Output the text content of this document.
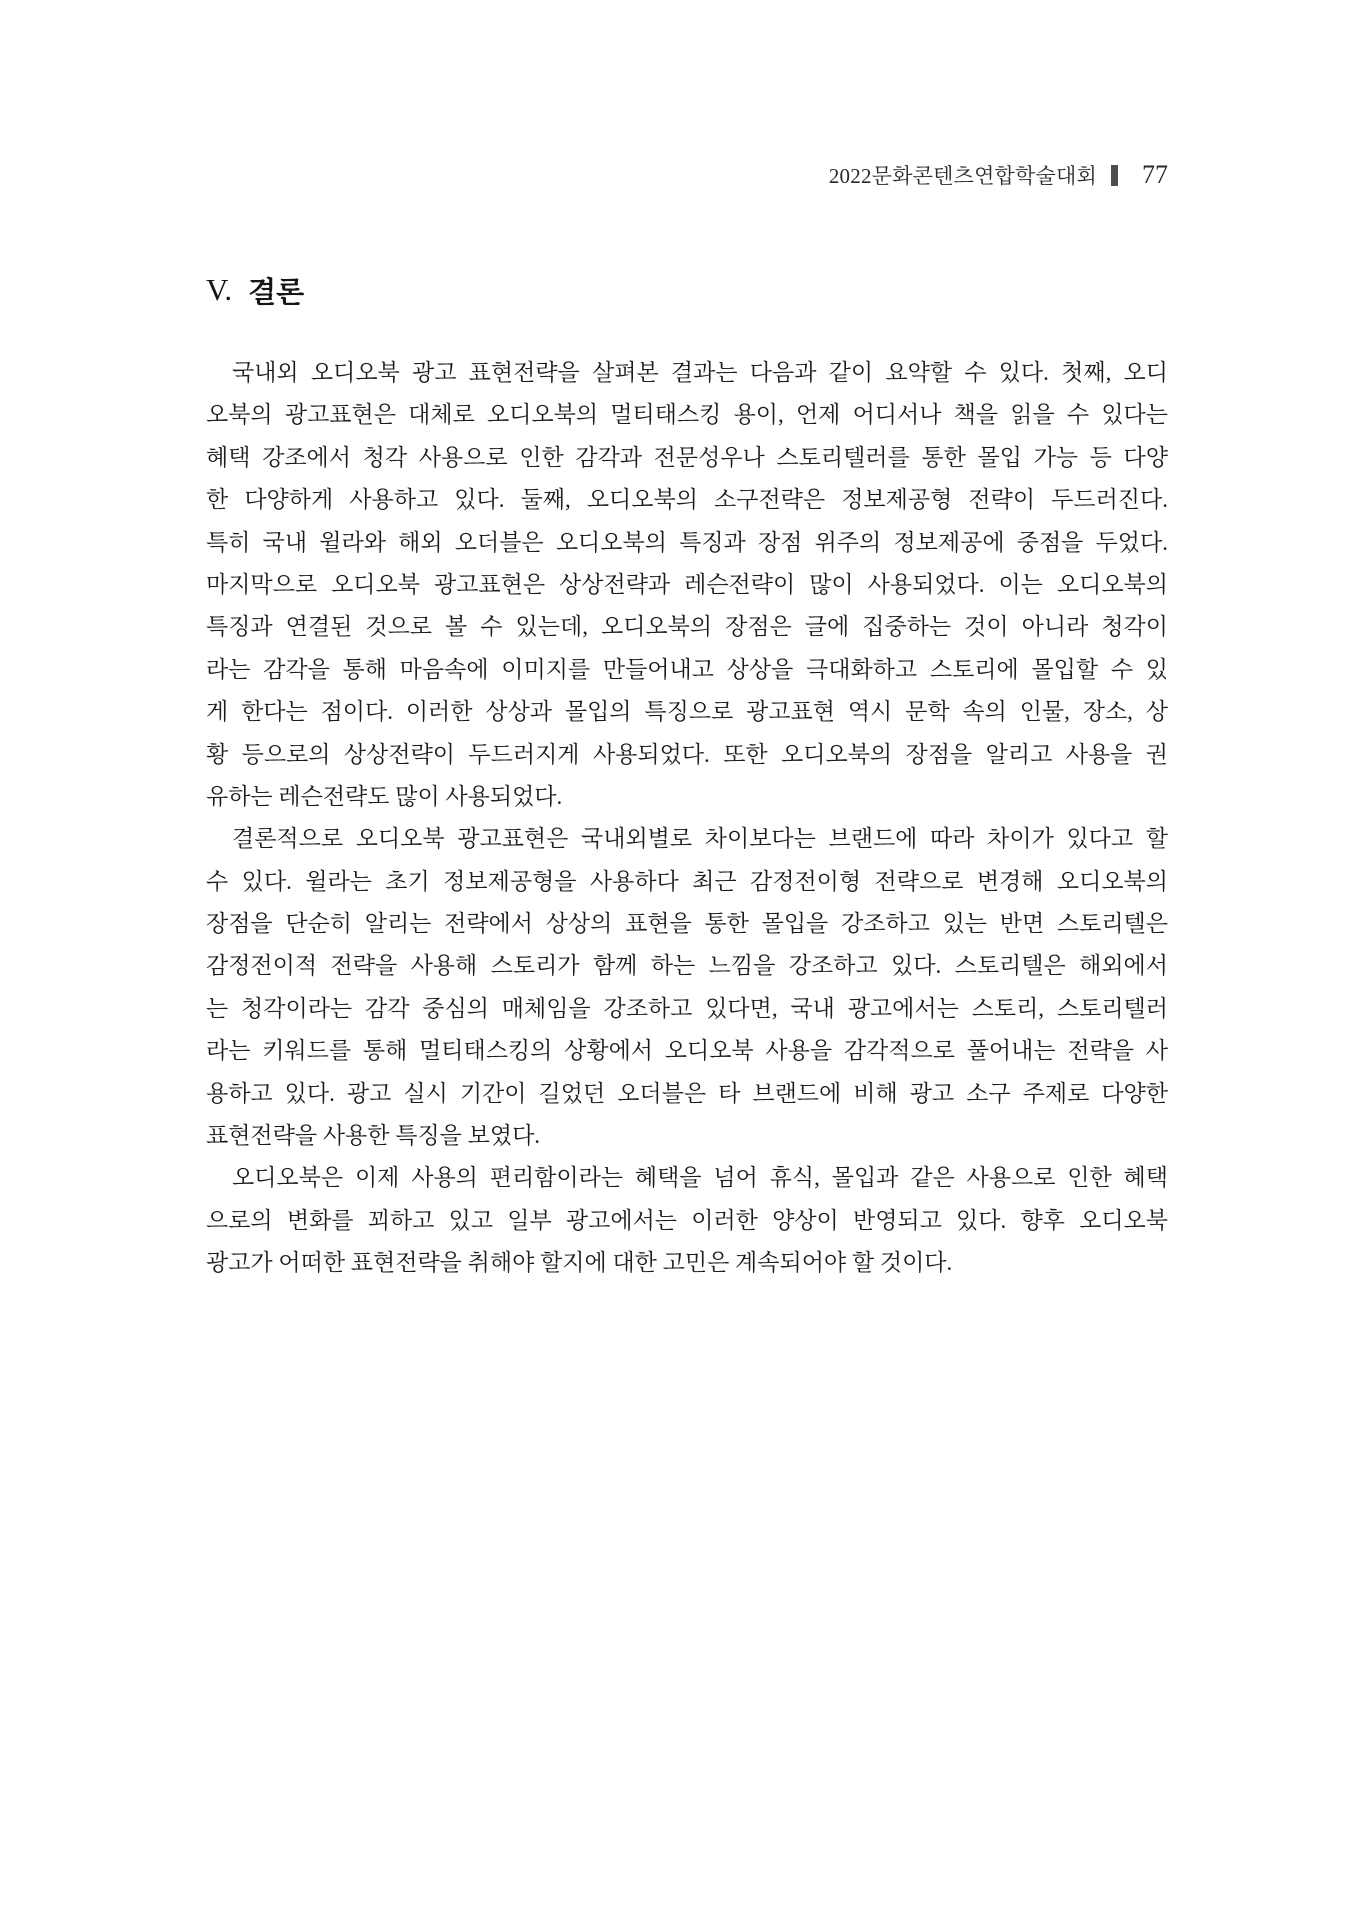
2022문화콘텐츠연합학술대회 77
V. 결론
국내외 오디오북 광고 표현전략을 살펴본 결과는 다음과 같이 요약할 수 있다. 첫째, 오디
오북의 광고표현은 대체로 오디오북의 멀티태스킹 용이, 언제 어디서나 책을 읽을 수 있다는
혜택 강조에서 청각 사용으로 인한 감각과 전문성우나 스토리텔러를 통한 몰입 가능 등 다양
한 다양하게 사용하고 있다. 둘째, 오디오북의 소구전략은 정보제공형 전략이 두드러진다.
특히 국내 윌라와 해외 오더블은 오디오북의 특징과 장점 위주의 정보제공에 중점을 두었다.
마지막으로 오디오북 광고표현은 상상전략과 레슨전략이 많이 사용되었다. 이는 오디오북의
특징과 연결된 것으로 볼 수 있는데, 오디오북의 장점은 글에 집중하는 것이 아니라 청각이
라는 감각을 통해 마음속에 이미지를 만들어내고 상상을 극대화하고 스토리에 몰입할 수 있
게 한다는 점이다. 이러한 상상과 몰입의 특징으로 광고표현 역시 문학 속의 인물, 장소, 상
황 등으로의 상상전략이 두드러지게 사용되었다. 또한 오디오북의 장점을 알리고 사용을 권
유하는 레슨전략도 많이 사용되었다.
결론적으로 오디오북 광고표현은 국내외별로 차이보다는 브랜드에 따라 차이가 있다고 할
수 있다. 윌라는 초기 정보제공형을 사용하다 최근 감정전이형 전략으로 변경해 오디오북의
장점을 단순히 알리는 전략에서 상상의 표현을 통한 몰입을 강조하고 있는 반면 스토리텔은
감정전이적 전략을 사용해 스토리가 함께 하는 느낌을 강조하고 있다. 스토리텔은 해외에서
는 청각이라는 감각 중심의 매체임을 강조하고 있다면, 국내 광고에서는 스토리, 스토리텔러
라는 키워드를 통해 멀티태스킹의 상황에서 오디오북 사용을 감각적으로 풀어내는 전략을 사
용하고 있다. 광고 실시 기간이 길었던 오더블은 타 브랜드에 비해 광고 소구 주제로 다양한
표현전략을 사용한 특징을 보였다.
오디오북은 이제 사용의 편리함이라는 혜택을 넘어 휴식, 몰입과 같은 사용으로 인한 혜택
으로의 변화를 꾀하고 있고 일부 광고에서는 이러한 양상이 반영되고 있다. 향후 오디오북
광고가 어떠한 표현전략을 취해야 할지에 대한 고민은 계속되어야 할 것이다.
